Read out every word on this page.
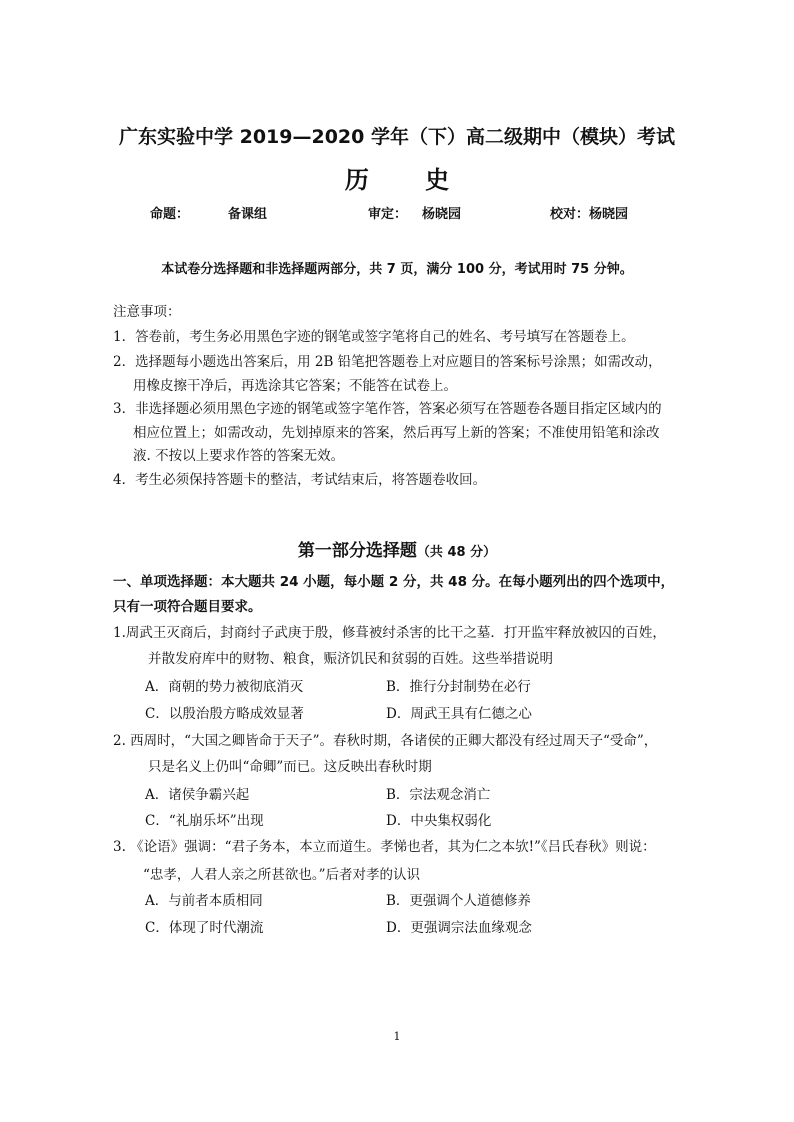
广东实验中学 2019—2020 学年（下）高二级期中（模块）考试
历 史
命题：	备课组	审定： 杨晓园	校对：杨晓园
本试卷分选择题和非选择题两部分，共 7 页，满分 100 分，考试用时 75 分钟。
注意事项：
1．答卷前，考生务必用黑色字迹的钢笔或签字笔将自己的姓名、考号填写在答题卷上。
2．选择题每小题选出答案后，用 2B 铅笔把答题卷上对应题目的答案标号涂黑；如需改动，
用橡皮擦干净后，再选涂其它答案；不能答在试卷上。
3．非选择题必须用黑色字迹的钢笔或签字笔作答，答案必须写在答题卷各题目指定区域内的
相应位置上；如需改动，先划掉原来的答案，然后再写上新的答案；不准使用铅笔和涂改
液. 不按以上要求作答的答案无效。
4．考生必须保持答题卡的整洁，考试结束后，将答题卷收回。
第一部分选择题（共 48 分）
一、单项选择题：本大题共 24 小题，每小题 2 分，共 48 分。在每小题列出的四个选项中，
只有一项符合题目要求。
1.周武王灭商后，封商纣子武庚于殷，修葺被纣杀害的比干之墓．打开监牢释放被囚的百姓，
并散发府库中的财物、粮食，赈济饥民和贫弱的百姓。这些举措说明
A．商朝的势力被彻底消灭	B．推行分封制势在必行
C．以殷治殷方略成效显著	D．周武王具有仁德之心
2. 西周时，“大国之卿皆命于天子”。春秋时期，各诸侯的正卿大都没有经过周天子“受命”，
只是名义上仍叫“命卿”而已。这反映出春秋时期
A．诸侯争霸兴起	B．宗法观念消亡
C．“礼崩乐坏”出现	D．中央集权弱化
3. 《论语》强调：“君子务本，本立而道生。孝悌也者，其为仁之本欤!”《吕氏春秋》则说：
“忠孝，人君人亲之所甚欲也。”后者对孝的认识
A．与前者本质相同	B．更强调个人道德修养
C．体现了时代潮流	D．更强调宗法血缘观念
1
